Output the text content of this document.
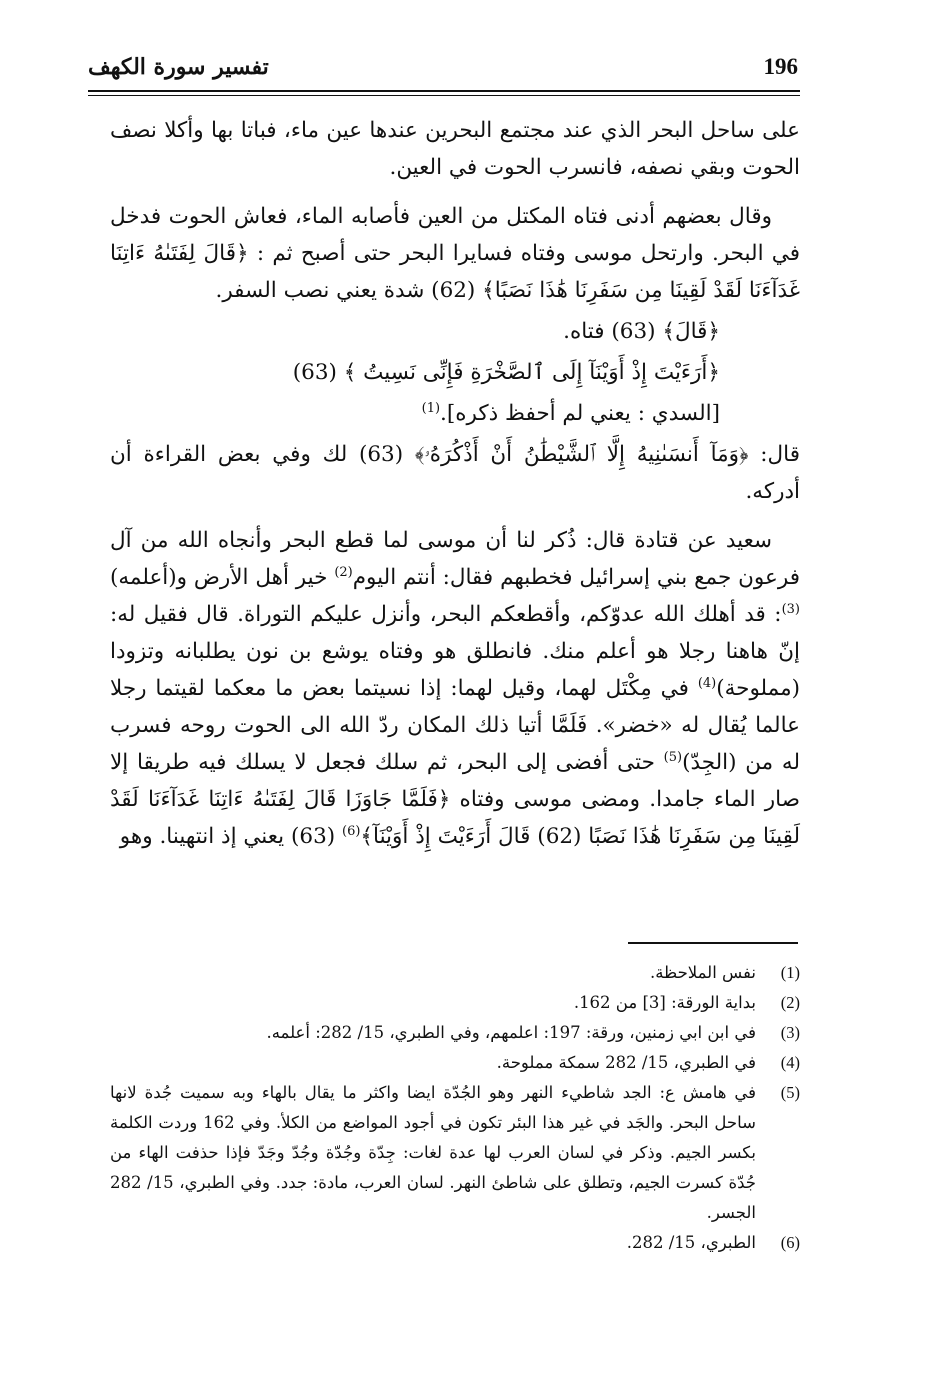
196
تفسير سورة الكهف

على ساحل البحر الذي عند مجتمع البحرين عندها عين ماء، فباتا بها وأكلا نصف الحوت وبقي نصفه، فانسرب الحوت في العين.

وقال بعضهم أدنى فتاه المكتل من العين فأصابه الماء، فعاش الحوت فدخل في البحر. وارتحل موسى وفتاه فسايرا البحر حتى أصبح ثم : ﴿قَالَ لِفَتَىٰهُ ءَاتِنَا غَدَآءَنَا لَقَدْ لَقِينَا مِن سَفَرِنَا هَٰذَا نَصَبًا﴾ (62) شدة يعني نصب السفر.

﴿قَالَ﴾ (63) فتاه.

﴿أَرَءَيْتَ إِذْ أَوَيْنَآ إِلَى ٱلصَّخْرَةِ فَإِنِّى نَسِيتُ ﴾ (63)

[السدي : يعني لم أحفظ ذكره].$^{(1)}$

قال: ﴿وَمَآ أَنسَىٰنِيهُ إِلَّا ٱلشَّيْطَٰنُ أَنْ أَذْكُرَهُۥ﴾ (63) لك وفي بعض القراءة أن أدركه.

سعيد عن قتادة قال: ذُكر لنا أن موسى لما قطع البحر وأنجاه الله من آل فرعون جمع بني إسرائيل فخطبهم فقال: أنتم اليوم$^{(2)}$ خير أهل الأرض و(أعلمه)$^{(3)}$: قد أهلك الله عدوّكم، وأقطعكم البحر، وأنزل عليكم التوراة. قال فقيل له: إنّ هاهنا رجلا هو أعلم منك. فانطلق هو وفتاه يوشع بن نون يطلبانه وتزودا (مملوحة)$^{(4)}$ في مِكْتَل لهما، وقيل لهما: إذا نسيتما بعض ما معكما لقيتما رجلا عالما يُقال له «خضر». فَلَمَّا أتيا ذلك المكان ردّ الله الى الحوت روحه فسرب له من (الجِدّ)$^{(5)}$ حتى أفضى إلى البحر، ثم سلك فجعل لا يسلك فيه طريقا إلا صار الماء جامدا. ومضى موسى وفتاه ﴿فَلَمَّا جَاوَزَا قَالَ لِفَتَىٰهُ ءَاتِنَا غَدَآءَنَا لَقَدْ لَقِينَا مِن سَفَرِنَا هَٰذَا نَصَبًا (62) قَالَ أَرَءَيْتَ إِذْ أَوَيْنَآ﴾$^{(6)}$ (63) يعني إذ انتهينا. وهو

(1)
نفس الملاحظة.
(2)
بداية الورقة: [3] من 162.
(3)
في ابن ابي زمنين، ورقة: 197: اعلمهم، وفي الطبري، 15/ 282: أعلمه.
(4)
في الطبري، 15/ 282 سمكة مملوحة.
(5)
في هامش ع: الجد شاطيء النهر وهو الجُدّة ايضا واكثر ما يقال بالهاء وبه سميت جُدة لانها ساحل البحر. والجَد في غير هذا البئر تكون في أجود المواضع من الكلأ. وفي 162 وردت الكلمة بكسر الجيم. وذكر في لسان العرب لها عدة لغات: جِدّة وجُدّة وجُدّ وجَدّ فإذا حذفت الهاء من جُدّة كسرت الجيم، وتطلق على شاطئ النهر. لسان العرب، مادة: جدد. وفي الطبري، 15/ 282 الجسر.
(6)
الطبري، 15/ 282.
